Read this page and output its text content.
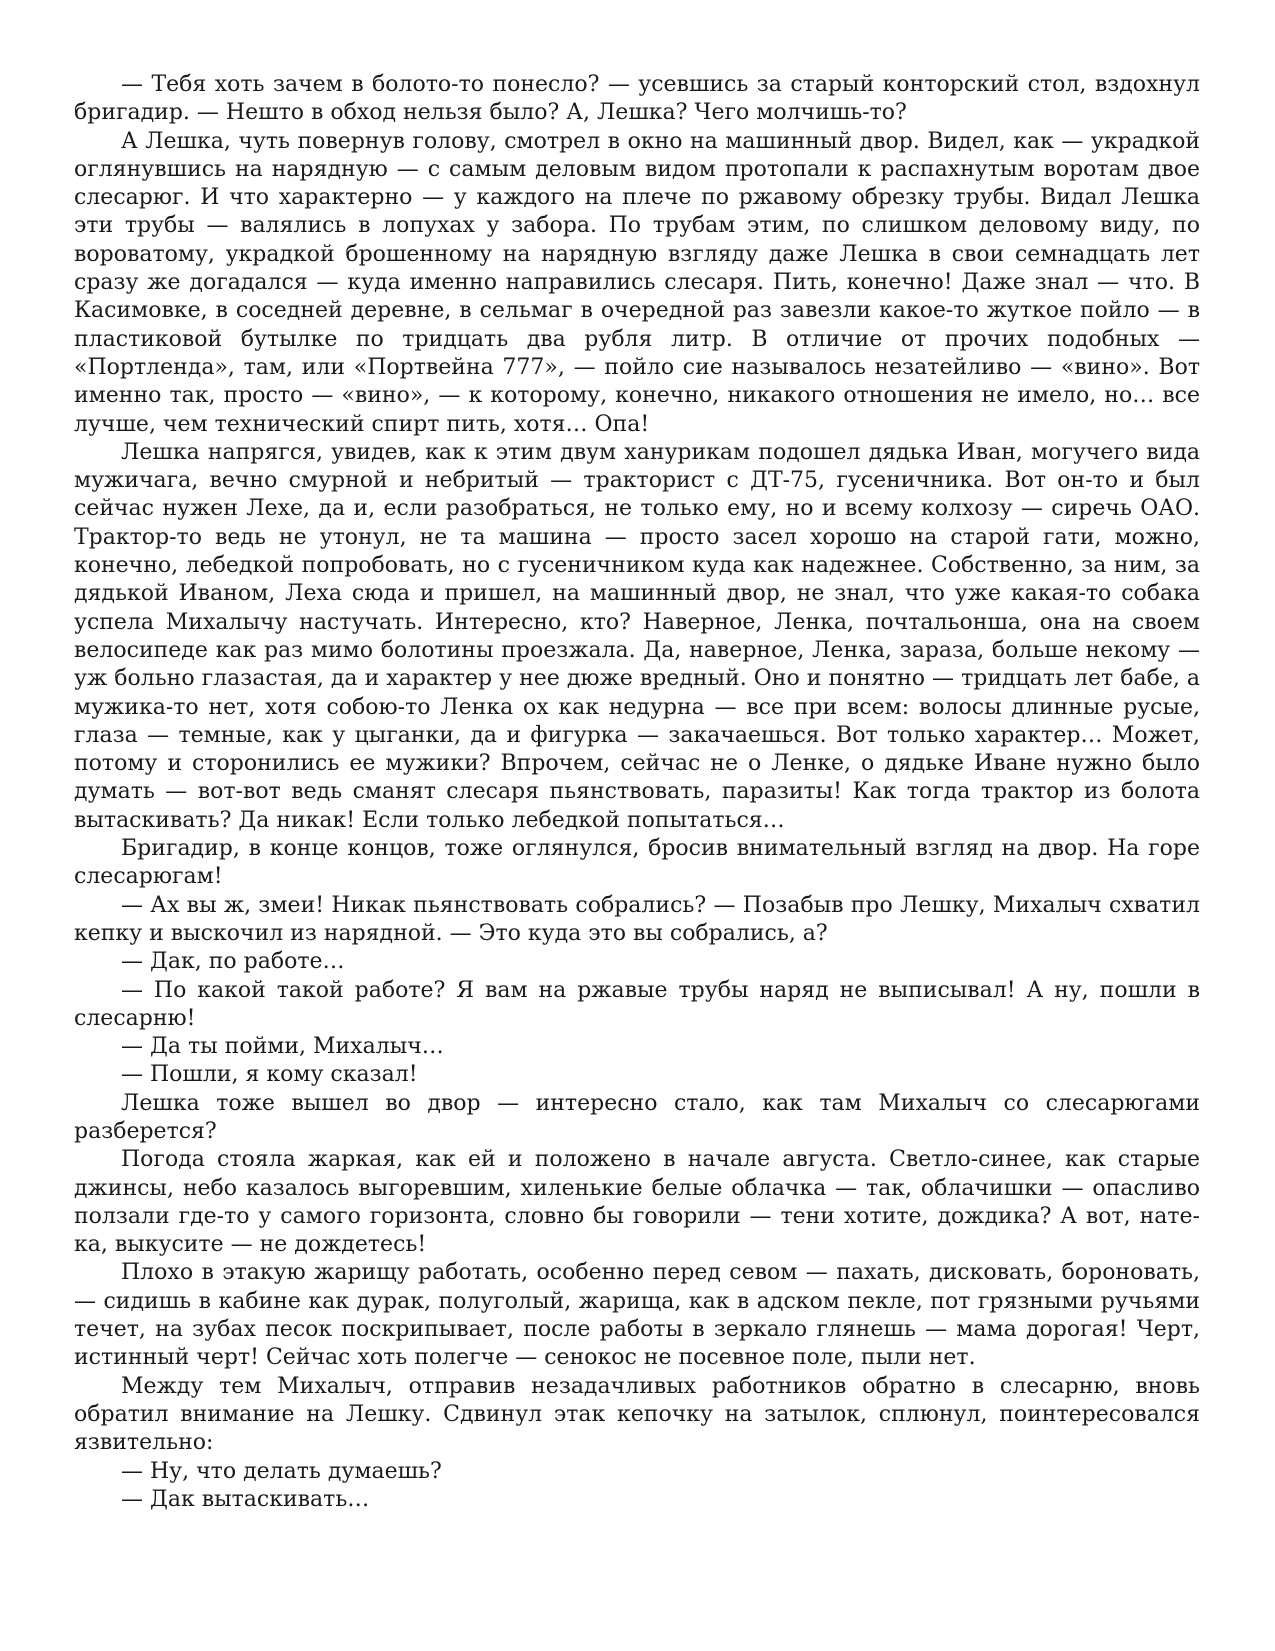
— Тебя хоть зачем в болото-то понесло? — усевшись за старый конторский стол, вздохнул бригадир. — Нешто в обход нельзя было? А, Лешка? Чего молчишь-то?

А Лешка, чуть повернув голову, смотрел в окно на машинный двор. Видел, как — украдкой оглянувшись на нарядную — с самым деловым видом протопали к распахнутым воротам двое слесарюг. И что характерно — у каждого на плече по ржавому обрезку трубы. Видал Лешка эти трубы — валялись в лопухах у забора. По трубам этим, по слишком деловому виду, по вороватому, украдкой брошенному на нарядную взгляду даже Лешка в свои семнадцать лет сразу же догадался — куда именно направились слесаря. Пить, конечно! Даже знал — что. В Касимовке, в соседней деревне, в сельмаг в очередной раз завезли какое-то жуткое пойло — в пластиковой бутылке по тридцать два рубля литр. В отличие от прочих подобных — «Портленда», там, или «Портвейна 777», — пойло сие называлось незатейливо — «вино». Вот именно так, просто — «вино», — к которому, конечно, никакого отношения не имело, но… все лучше, чем технический спирт пить, хотя… Опа!

Лешка напрягся, увидев, как к этим двум ханурикам подошел дядька Иван, могучего вида мужичага, вечно смурной и небритый — тракторист с ДТ-75, гусеничника. Вот он-то и был сейчас нужен Лехе, да и, если разобраться, не только ему, но и всему колхозу — сиречь ОАО. Трактор-то ведь не утонул, не та машина — просто засел хорошо на старой гати, можно, конечно, лебедкой попробовать, но с гусеничником куда как надежнее. Собственно, за ним, за дядькой Иваном, Леха сюда и пришел, на машинный двор, не знал, что уже какая-то собака успела Михалычу настучать. Интересно, кто? Наверное, Ленка, почтальонша, она на своем велосипеде как раз мимо болотины проезжала. Да, наверное, Ленка, зараза, больше некому — уж больно глазастая, да и характер у нее дюже вредный. Оно и понятно — тридцать лет бабе, а мужика-то нет, хотя собою-то Ленка ох как недурна — все при всем: волосы длинные русые, глаза — темные, как у цыганки, да и фигурка — закачаешься. Вот только характер… Может, потому и сторонились ее мужики? Впрочем, сейчас не о Ленке, о дядьке Иване нужно было думать — вот-вот ведь сманят слесаря пьянствовать, паразиты! Как тогда трактор из болота вытаскивать? Да никак! Если только лебедкой попытаться…

Бригадир, в конце концов, тоже оглянулся, бросив внимательный взгляд на двор. На горе слесарюгам!

— Ах вы ж, змеи! Никак пьянствовать собрались? — Позабыв про Лешку, Михалыч схватил кепку и выскочил из нарядной. — Это куда это вы собрались, а?

— Дак, по работе…

— По какой такой работе? Я вам на ржавые трубы наряд не выписывал! А ну, пошли в слесарню!

— Да ты пойми, Михалыч…

— Пошли, я кому сказал!

Лешка тоже вышел во двор — интересно стало, как там Михалыч со слесарюгами разберется?

Погода стояла жаркая, как ей и положено в начале августа. Светло-синее, как старые джинсы, небо казалось выгоревшим, хиленькие белые облачка — так, облачишки — опасливо ползали где-то у самого горизонта, словно бы говорили — тени хотите, дождика? А вот, нате-ка, выкусите — не дождетесь!

Плохо в этакую жарищу работать, особенно перед севом — пахать, дисковать, бороновать, — сидишь в кабине как дурак, полуголый, жарища, как в адском пекле, пот грязными ручьями течет, на зубах песок поскрипывает, после работы в зеркало глянешь — мама дорогая! Черт, истинный черт! Сейчас хоть полегче — сенокос не посевное поле, пыли нет.

Между тем Михалыч, отправив незадачливых работников обратно в слесарню, вновь обратил внимание на Лешку. Сдвинул этак кепочку на затылок, сплюнул, поинтересовался язвительно:

— Ну, что делать думаешь?

— Дак вытаскивать…
